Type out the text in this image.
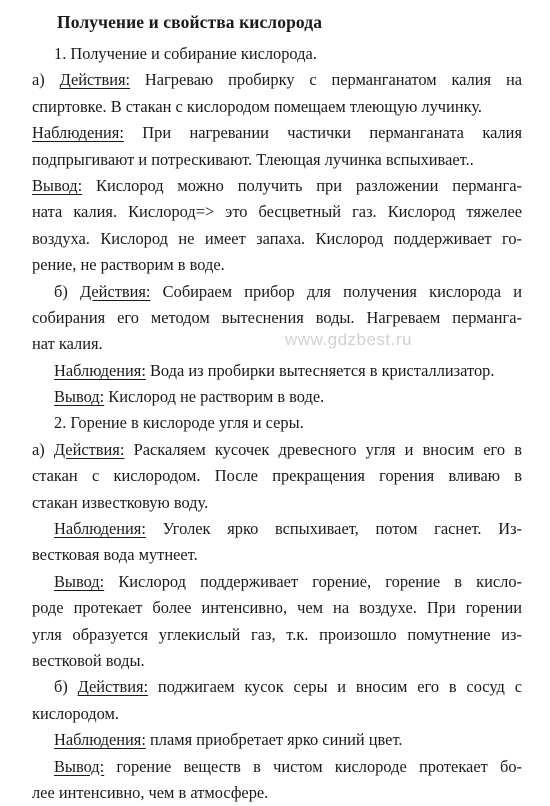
Получение и свойства кислорода
1. Получение и собирание кислорода.
а) Действия: Нагреваю пробирку с перманганатом калия на
спиртовке. В стакан с кислородом помещаем тлеющую лучинку.
Наблюдения: При нагревании частички перманганата калия
подпрыгивают и потрескивают. Тлеющая лучинка вспыхивает..
Вывод: Кислород можно получить при разложении перманга-
ната калия. Кислород=> это бесцветный газ. Кислород тяжелее
воздуха. Кислород не имеет запаха. Кислород поддерживает го-
рение, не растворим в воде.
б) Действия: Собираем прибор для получения кислорода и
собирания его методом вытеснения воды. Нагреваем перманга-
нат калия.
Наблюдения: Вода из пробирки вытесняется в кристаллизатор.
Вывод: Кислород не растворим в воде.
2. Горение в кислороде угля и серы.
а) Действия: Раскаляем кусочек древесного угля и вносим его в
стакан с кислородом. После прекращения горения вливаю в
стакан известковую воду.
Наблюдения: Уголек ярко вспыхивает, потом гаснет. Из-
вестковая вода мутнеет.
Вывод: Кислород поддерживает горение, горение в кисло-
роде протекает более интенсивно, чем на воздухе. При горении
угля образуется углекислый газ, т.к. произошло помутнение из-
вестковой воды.
б) Действия: поджигаем кусок серы и вносим его в сосуд с
кислородом.
Наблюдения: пламя приобретает ярко синий цвет.
Вывод: горение веществ в чистом кислороде протекает бо-
лее интенсивно, чем в атмосфере.
www.gdzbest.ru
